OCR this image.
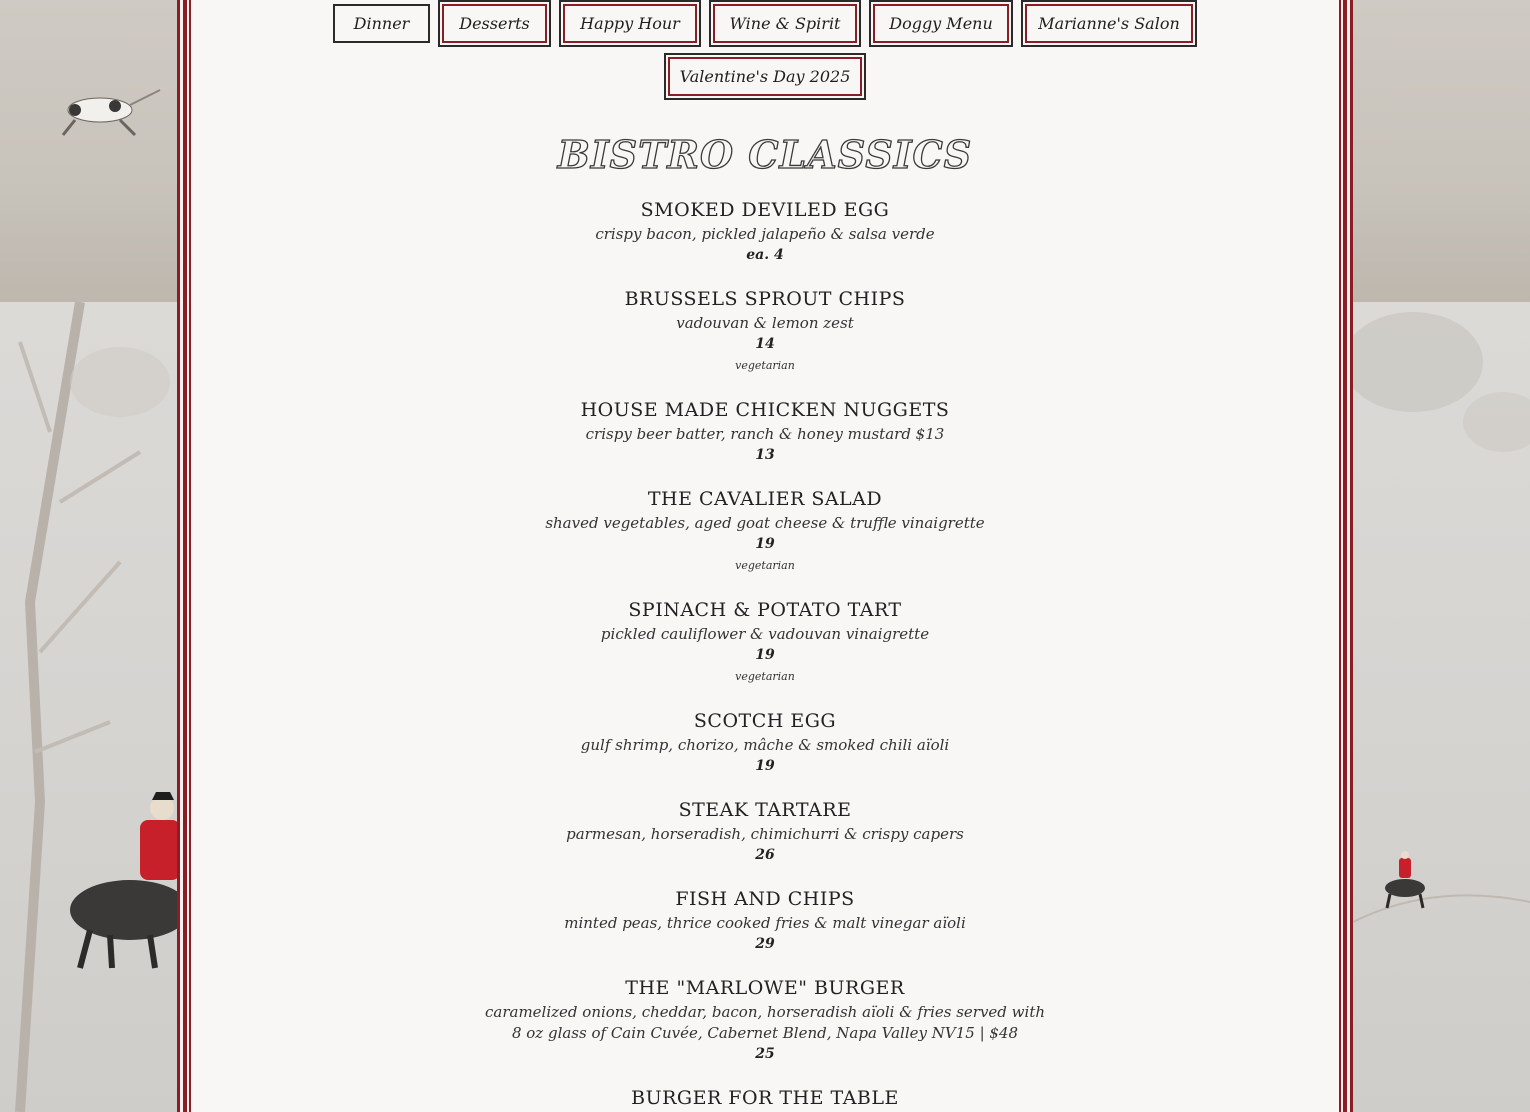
Dinner	Desserts	Happy Hour	Wine & Spirit	Doggy Menu	Marianne's Salon
Valentine's Day 2025
BISTRO CLASSICS
SMOKED DEVILED EGG
crispy bacon, pickled jalapeño & salsa verde
ea. 4
BRUSSELS SPROUT CHIPS
vadouvan & lemon zest
14
vegetarian
HOUSE MADE CHICKEN NUGGETS
crispy beer batter, ranch & honey mustard $13
13
THE CAVALIER SALAD
shaved vegetables, aged goat cheese & truffle vinaigrette
19
vegetarian
SPINACH & POTATO TART
pickled cauliflower & vadouvan vinaigrette
19
vegetarian
SCOTCH EGG
gulf shrimp, chorizo, mâche & smoked chili aïoli
19
STEAK TARTARE
parmesan, horseradish, chimichurri & crispy capers
26
FISH AND CHIPS
minted peas, thrice cooked fries & malt vinegar aïoli
29
THE "MARLOWE" BURGER
caramelized onions, cheddar, bacon, horseradish aïoli & fries served with 8 oz glass of Cain Cuvée, Cabernet Blend, Napa Valley NV15 | $48
25
BURGER FOR THE TABLE
